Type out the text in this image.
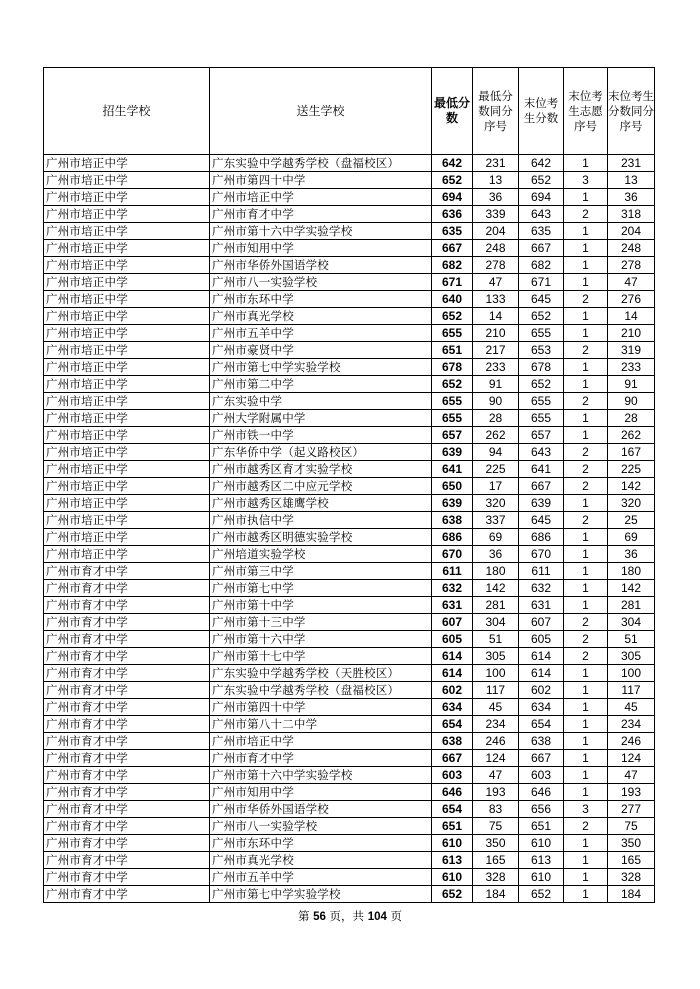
招生学校	送生学校	最低分数	最低分数同分序号	末位考生分数	末位考生志愿序号	末位考生分数同分序号
广州市培正中学	广东实验中学越秀学校（盘福校区）	642	231	642	1	231
广州市培正中学	广州市第四十中学	652	13	652	3	13
广州市培正中学	广州市培正中学	694	36	694	1	36
广州市培正中学	广州市育才中学	636	339	643	2	318
广州市培正中学	广州市第十六中学实验学校	635	204	635	1	204
广州市培正中学	广州市知用中学	667	248	667	1	248
广州市培正中学	广州市华侨外国语学校	682	278	682	1	278
广州市培正中学	广州市八一实验学校	671	47	671	1	47
广州市培正中学	广州市东环中学	640	133	645	2	276
广州市培正中学	广州市真光学校	652	14	652	1	14
广州市培正中学	广州市五羊中学	655	210	655	1	210
广州市培正中学	广州市豪贤中学	651	217	653	2	319
广州市培正中学	广州市第七中学实验学校	678	233	678	1	233
广州市培正中学	广州市第二中学	652	91	652	1	91
广州市培正中学	广东实验中学	655	90	655	2	90
广州市培正中学	广州大学附属中学	655	28	655	1	28
广州市培正中学	广州市铁一中学	657	262	657	1	262
广州市培正中学	广东华侨中学（起义路校区）	639	94	643	2	167
广州市培正中学	广州市越秀区育才实验学校	641	225	641	2	225
广州市培正中学	广州市越秀区二中应元学校	650	17	667	2	142
广州市培正中学	广州市越秀区雄鹰学校	639	320	639	1	320
广州市培正中学	广州市执信中学	638	337	645	2	25
广州市培正中学	广州市越秀区明德实验学校	686	69	686	1	69
广州市培正中学	广州培道实验学校	670	36	670	1	36
广州市育才中学	广州市第三中学	611	180	611	1	180
广州市育才中学	广州市第七中学	632	142	632	1	142
广州市育才中学	广州市第十中学	631	281	631	1	281
广州市育才中学	广州市第十三中学	607	304	607	2	304
广州市育才中学	广州市第十六中学	605	51	605	2	51
广州市育才中学	广州市第十七中学	614	305	614	2	305
广州市育才中学	广东实验中学越秀学校（天胜校区）	614	100	614	1	100
广州市育才中学	广东实验中学越秀学校（盘福校区）	602	117	602	1	117
广州市育才中学	广州市第四十中学	634	45	634	1	45
广州市育才中学	广州市第八十二中学	654	234	654	1	234
广州市育才中学	广州市培正中学	638	246	638	1	246
广州市育才中学	广州市育才中学	667	124	667	1	124
广州市育才中学	广州市第十六中学实验学校	603	47	603	1	47
广州市育才中学	广州市知用中学	646	193	646	1	193
广州市育才中学	广州市华侨外国语学校	654	83	656	3	277
广州市育才中学	广州市八一实验学校	651	75	651	2	75
广州市育才中学	广州市东环中学	610	350	610	1	350
广州市育才中学	广州市真光学校	613	165	613	1	165
广州市育才中学	广州市五羊中学	610	328	610	1	328
广州市育才中学	广州市第七中学实验学校	652	184	652	1	184
第 56 页，共 104 页
